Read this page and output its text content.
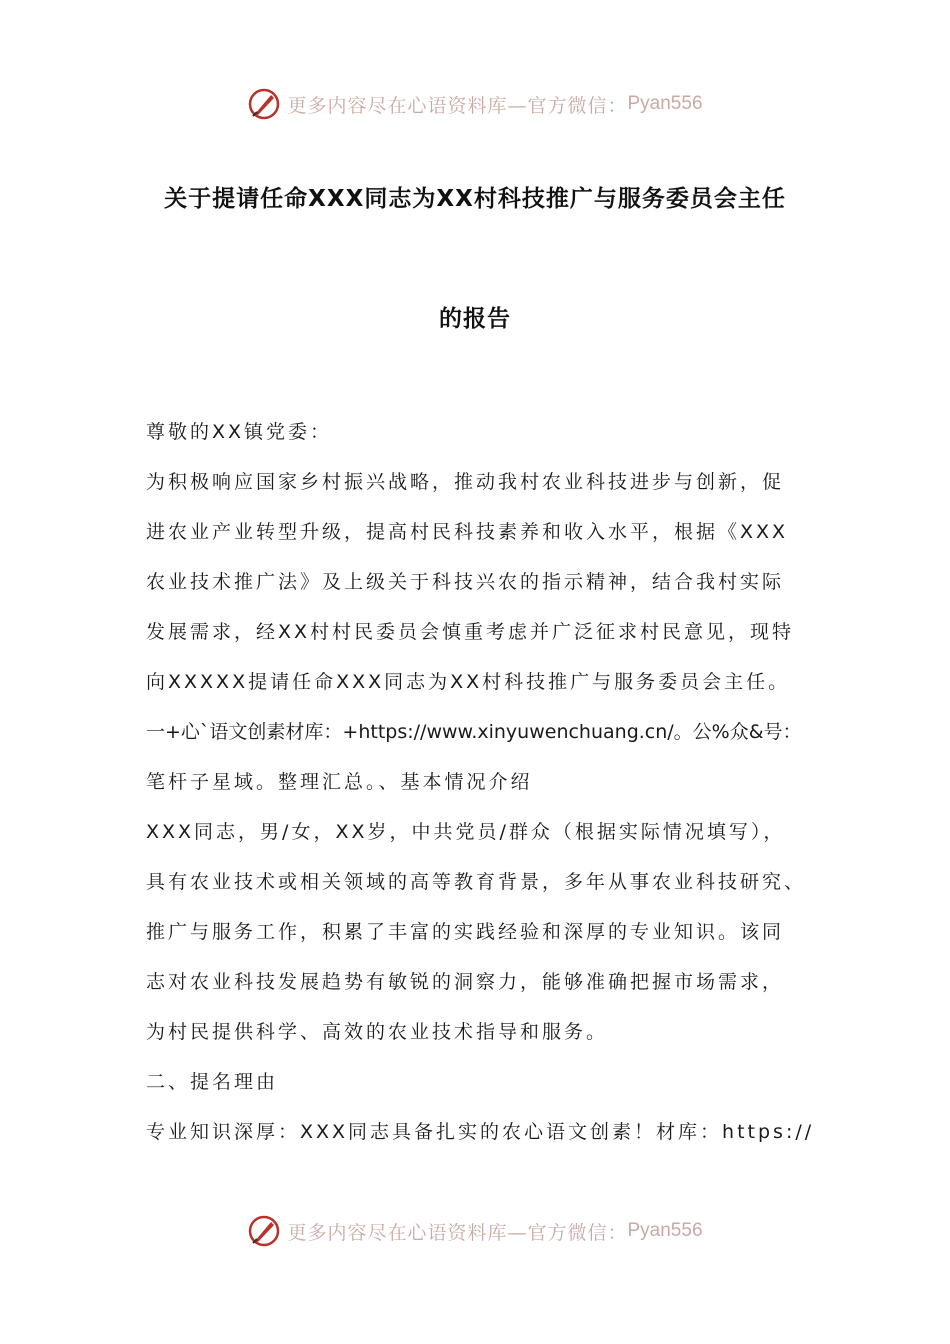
更多内容尽在心语资料库—官方微信： Pyan556
关于提请任命XXX同志为XX村科技推广与服务委员会主任
的报告

尊敬的XX镇党委：

为积极响应国家乡村振兴战略，推动我村农业科技进步与创新，促

进农业产业转型升级，提高村民科技素养和收入水平，根据《XXX

农业技术推广法》及上级关于科技兴农的指示精神，结合我村实际

发展需求，经XX村村民委员会慎重考虑并广泛征求村民意见，现特

向XXXXX提请任命XXX同志为XX村科技推广与服务委员会主任。

一+心`语文创素材库：+https://www.xinyuwenchuang.cn/。公%众&号：

笔杆子星域。整理汇总。、基本情况介绍

XXX同志，男/女，XX岁，中共党员/群众（根据实际情况填写），

具有农业技术或相关领域的高等教育背景，多年从事农业科技研究、

推广与服务工作，积累了丰富的实践经验和深厚的专业知识。该同

志对农业科技发展趋势有敏锐的洞察力，能够准确把握市场需求，

为村民提供科学、高效的农业技术指导和服务。

二、提名理由

专业知识深厚：XXX同志具备扎实的农心语文创素！材库：https://

更多内容尽在心语资料库—官方微信： Pyan556
